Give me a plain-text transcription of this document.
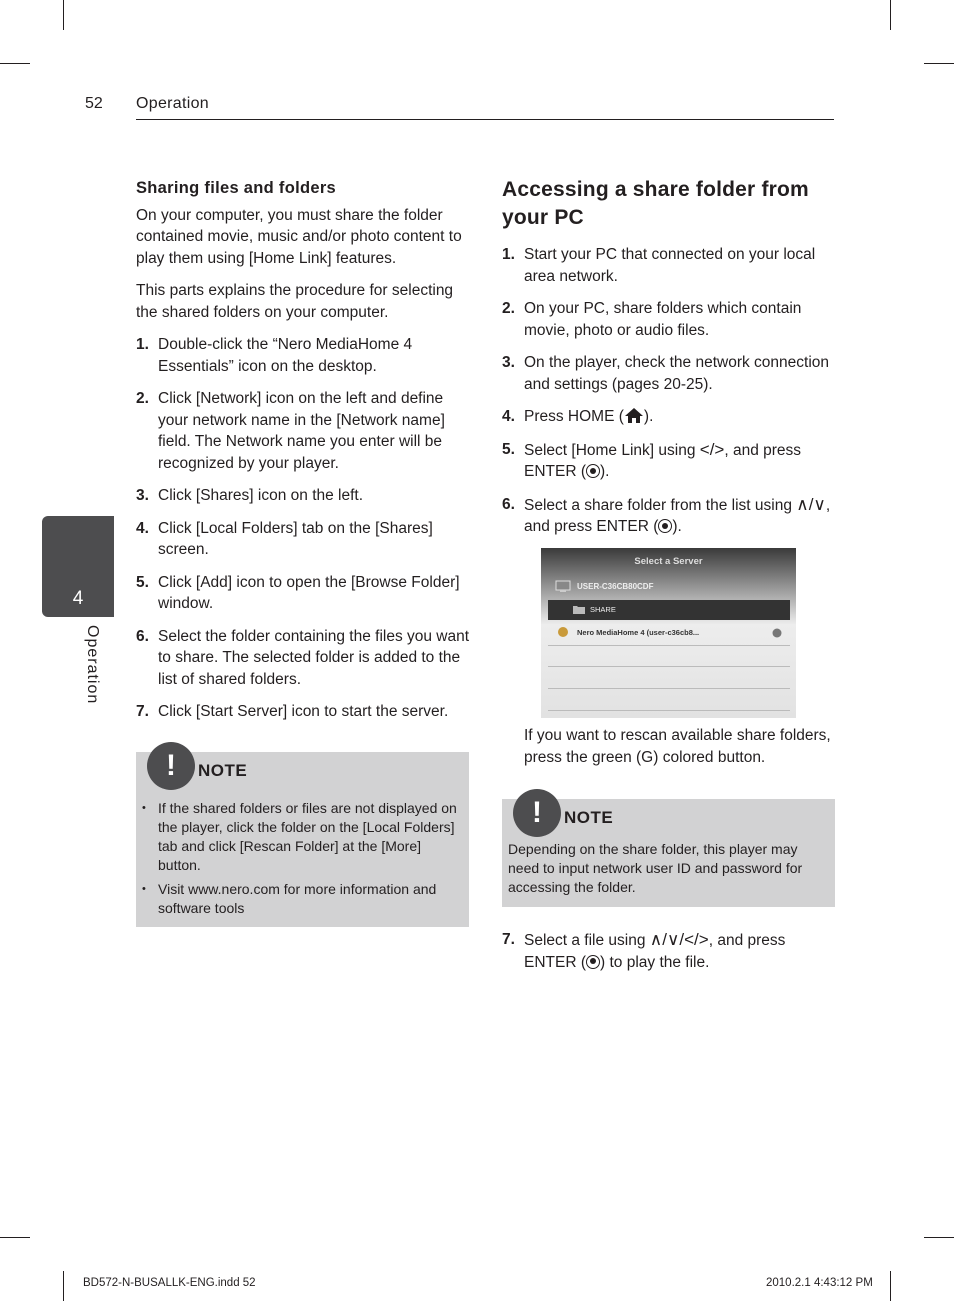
52 Operation
4
Operation
Sharing files and folders

On your computer, you must share the folder contained movie, music and/or photo content to play them using [Home Link] features.

This parts explains the procedure for selecting the shared folders on your computer.

1. Double-click the “Nero MediaHome 4 Essentials” icon on the desktop.
2. Click [Network] icon on the left and define your network name in the [Network name] field. The Network name you enter will be recognized by your player.
3. Click [Shares] icon on the left.
4. Click [Local Folders] tab on the [Shares] screen.
5. Click [Add] icon to open the [Browse Folder] window.
6. Select the folder containing the files you want to share. The selected folder is added to the list of shared folders.
7. Click [Start Server] icon to start the server.
!	NOTE
• If the shared folders or files are not displayed on the player, click the folder on the [Local Folders] tab and click [Rescan Folder] at the [More] button.
• Visit www.nero.com for more information and software tools
Accessing a share folder from your PC
1. Start your PC that connected on your local area network.
2. On your PC, share folders which contain movie, photo or audio files.
3. On the player, check the network connection and settings (pages 20-25).
4. Press HOME ( ).
5. Select [Home Link] using </>, and press ENTER ( ).
6. Select a share folder from the list using ∧/∨, and press ENTER ( ).
Select a Server
USER-C36CB80CDF
SHARE
Nero MediaHome 4 (user-c36cb8...
If you want to rescan available share folders, press the green (G) colored button.
!	NOTE
Depending on the share folder, this player may need to input network user ID and password for accessing the folder.
7. Select a file using ∧/∨/</>, and press ENTER ( ) to play the file.
BD572-N-BUSALLK-ENG.indd 52	2010.2.1 4:43:12 PM
